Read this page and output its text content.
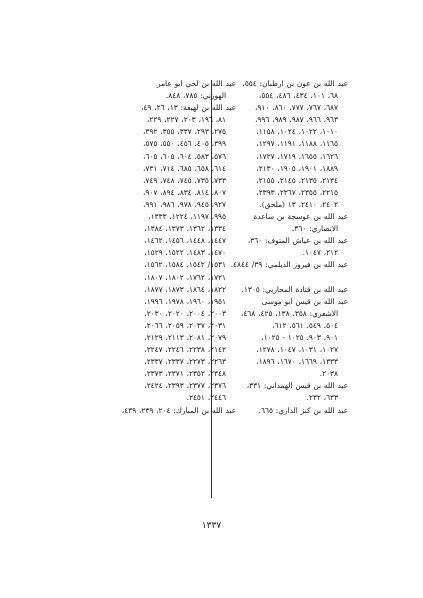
عبد الله بن عون بن ارطبان: ٥٥٤،
٦٨، ١٠١، ٤٣٤، ٤٨٦، ٥٥٤،
٦٨٧، ٧٦٧، ٧٧٧، ٨٦٠، ٩١٠،
٩٦٣، ٩٦٦، ٩٨٧، ٩٨٩، ٩٩٦،
١٠١٠، ١٠٢٢، ١٠٢٤، ١١٥٨،
١١٦٥، ١١٨٨، ١١٩١، ١٢٩٧،
١٦٢٦، ١٦٥٥، ١٧١٩، ١٧٢٧،
١٨٨٩، ١٩٠١، ١٩٠٥، ٢١٣٠،
٢١٣٤، ٢١٣٥، ٢١٤٥، ٢١٥٥،
٢٢١٥، ٢٣٥٥، ٢٣٦٧، ٢٣٩٣،
٢٤٠٢، ٢٤١٠، ١٣ (ملحق).
عبد الله بن عوسجة بن ساعدة
الانصاري: ٣٦٠.
عبد الله بن عياش المتوف: ٣٦٠،
٢١٢، ١٠٤٧.
عبد الله بن فيروز الديلمي: ٣٩/ ٤٨٤٤.

عبد الله بن قتادة المحاربي: ١٣٠٥.
عبد الله بن قيس ابو موسى
الاشعري: ٣٥٨، ١٣٨، ٤٢٥، ٤٦٨،
٥٠٤، ٥٤٩، ٥٦١، ٦١٢،
٩٠١، ٩٠٣، ١٠٢٥ - ١٠٢٥،
١٠٢٧، ١٠٣١، ١٠٤٧، ١٢٧٨،
١٣٣٣، ١٦٦٩، ١٦٧٠، ١٨٩٦،
٢٠٣٨.
عبد الله بن قيس الهمداني: ٣٣١،
٦٣٣، ٢٣٢.
عبد الله بن كنز الداري: ٦٦٥.
عبد الله بن لحي ابو عامر
الهوزني: ٧٨٥، ٨٤٨.
عبد الله بن لهيعة: ١٣، ٢٦، ٤٩،
٨١، ١٩٦، ٢٠٣، ٢٢٧، ٢٢٩،
٢٧٥، ٢٩٣، ٣٣٧، ٣٥٥، ٣٩٢،
٣٩٩، ٤٠٥، ٤٥٦، ٥٥٠، ٥٧٥،
٥٧٦، ٥٨٣، ٦٠٤، ٦٠٥، ٦٠٥،
٦١٤، ٦٥٨، ٦٨٥، ٧١٤، ٧٣١،
٧٣٣، ٧٣٥، ٧٤٥، ٧٤٨، ٧٤٩،
٨٠٧، ٨١٤، ٨٣٤، ٨٩٤، ٩٠٧،
٩٢٧، ٩٤٥، ٩٧٨، ٩٨٦، ٩٩١،
٩٩٥، ١١٩٧، ١٢٢٤، ١٣٣٣،
١٣٣٤، ١٣٦٢، ١٣٧٣، ١٣٨٤،
١٤٤٧، ١٤٤٨، ١٤٥٦، ١٤٦٢،
١٤٧٠، ١٤٨٣، ١٥٢٢، ١٥٢٩،
١٥٣١/ ١٥٤٢، ١٥٨٤، ١٥٦٢،
١٧٢١، ١٧٦٢، ١٨٠٢، ١٨٠٧،
١٨٢٢، ١٨٦٤، ١٨٧٣، ١٨٧٧،
١٩٥١، ١٩٦٠، ١٩٧٨، ١٩٩٦،
٢٠٠٣، ٢٠٠٤، ٢٠٢٠، ٢٠٣٠،
٢٠٣١، ٢٠٣٧، ٢٠٥٩، ٢٠٦٦،
٢٠٧٩، ٢٠٨١، ٢١١٣، ٢١٢٩،
٢١٤٢، ٢٢٣٨، ٢٢٤٦، ٢٢٤٧،
٢٢٦٣، ٢٢٧٣، ٢٣٣٧، ٢٣٣٧،
٢٣٤٨، ٢٣٥٢، ٢٣٧١، ٢٣٧٣،
٢٣٧٦، ٢٣٧٧، ٢٣٩٣، ٢٤٢٤،
٢٤٤٦، ٢٤٥١.
عبد الله بن المبارك: ٢٠٤، ٢٣٩، ٤٣٩،
١٣٣٧
